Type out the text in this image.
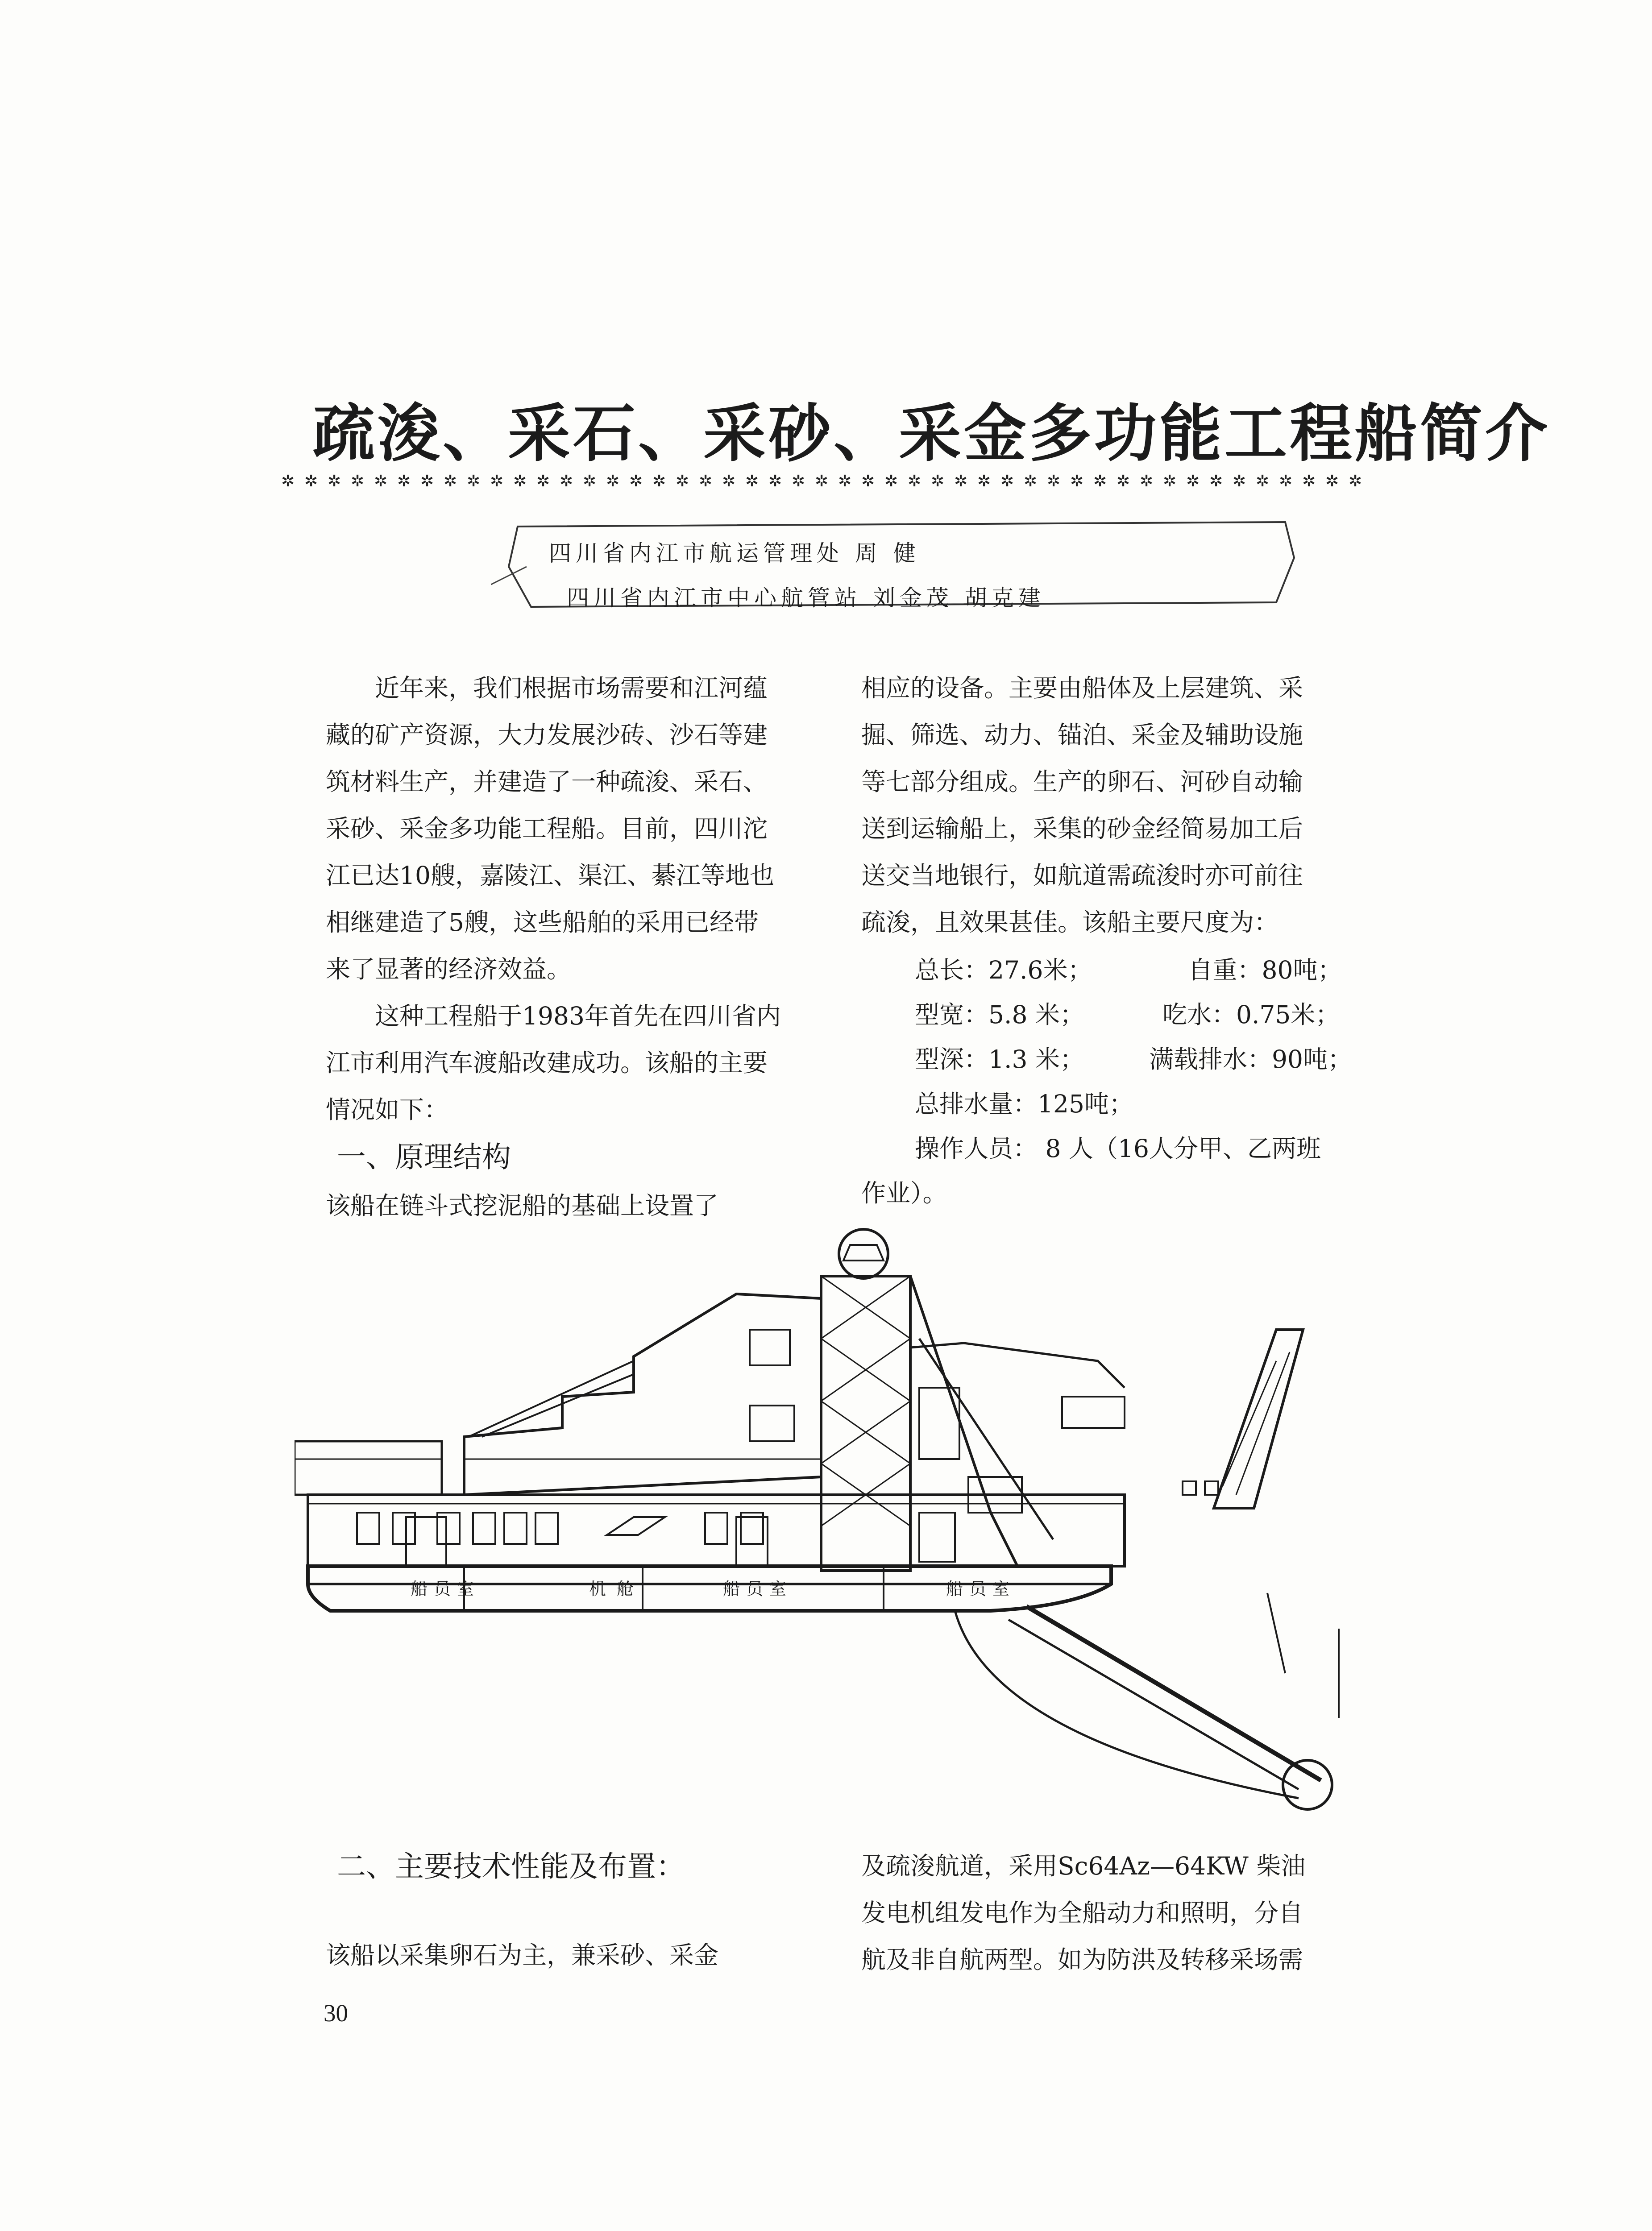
疏浚、采石、采砂、采金多功能工程船简介
✲ ✲ ✲ ✲ ✲ ✲ ✲ ✲ ✲ ✲ ✲ ✲ ✲ ✲ ✲ ✲ ✲ ✲ ✲ ✲ ✲ ✲ ✲ ✲ ✲ ✲ ✲ ✲ ✲ ✲ ✲ ✲ ✲ ✲ ✲ ✲ ✲ ✲ ✲ ✲ ✲ ✲ ✲ ✲ ✲ ✲ ✲
四川省内江市航运管理处 周 健
四川省内江市中心航管站 刘金茂 胡克建
近年来，我们根据市场需要和江河蕴
藏的矿产资源，大力发展沙砖、沙石等建
筑材料生产，并建造了一种疏浚、采石、
采砂、采金多功能工程船。目前，四川沱
江已达10艘，嘉陵江、渠江、綦江等地也
相继建造了5艘，这些船舶的采用已经带
来了显著的经济效益。
这种工程船于1983年首先在四川省内
江市利用汽车渡船改建成功。该船的主要
情况如下：
一、原理结构
该船在链斗式挖泥船的基础上设置了
相应的设备。主要由船体及上层建筑、采
掘、筛选、动力、锚泊、采金及辅助设施
等七部分组成。生产的卵石、河砂自动输
送到运输船上，采集的砂金经简易加工后
送交当地银行，如航道需疏浚时亦可前往
疏浚，且效果甚佳。该船主要尺度为：
总长：27.6米；	自重：80吨；
型宽：5.8 米；	吃水：0.75米；
型深：1.3 米；	满载排水：90吨；
总排水量：125吨；
操作人员： 8 人（16人分甲、乙两班
作业）。
船员室	机舱	船员室	船员室
二、主要技术性能及布置：
该船以采集卵石为主，兼采砂、采金
及疏浚航道，采用Sc64Az—64KW 柴油
发电机组发电作为全船动力和照明，分自
航及非自航两型。如为防洪及转移采场需
30
